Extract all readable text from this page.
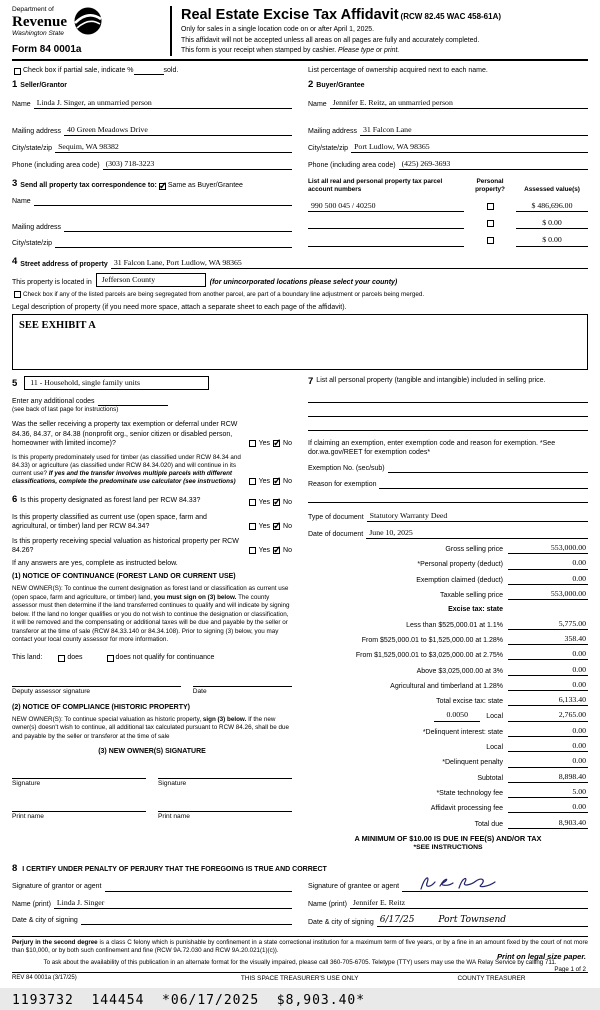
Department of
Revenue
Washington State
Form 84 0001a
Real Estate Excise Tax Affidavit (RCW 82.45 WAC 458-61A)
Only for sales in a single location code on or after April 1, 2025.
This affidavit will not be accepted unless all areas on all pages are fully and accurately completed.
This form is your receipt when stamped by cashier. Please type or print.
Check box if partial sale, indicate %	sold.	List percentage of ownership acquired next to each name.
1 Seller/Grantor
Name Linda J. Singer, an unmarried person
Mailing address 40 Green Meadows Drive
City/state/zip Sequim, WA 98382
Phone (including area code) (303) 718-3223
2 Buyer/Grantee
Name Jennifer E. Reitz, an unmarried person
Mailing address 31 Falcon Lane
City/state/zip Port Ludlow, WA 98365
Phone (including area code) (425) 269-3693
3 Send all property tax correspondence to: ✓ Same as Buyer/Grantee
Name
Mailing address
City/state/zip
List all real and personal property tax parcel account numbers
Personal property?	Assessed value(s)
990 500 045 / 40250	$ 486,696.00
$ 0.00
$ 0.00
4 Street address of property 31 Falcon Lane, Port Ludlow, WA 98365
This property is located in	Jefferson County	(for unincorporated locations please select your county)
Check box if any of the listed parcels are being segregated from another parcel, are part of a boundary line adjustment or parcels being merged.
Legal description of property (if you need more space, attach a separate sheet to each page of the affidavit).
SEE EXHIBIT A
5	11 - Household, single family units
Enter any additional codes
(see back of last page for instructions)
Was the seller receiving a property tax exemption or deferral under RCW 84.36, 84.37, or 84.38 (nonprofit org., senior citizen or disabled person, homeowner with limited income)?	Yes ✓ No
Is this property predominately used for timber (as classified under RCW 84.34 and 84.33) or agriculture (as classified under RCW 84.34.020) and will continue in its current use? If yes and the transfer involves multiple parcels with different classifications, complete the predominate use calculator (see instructions)	Yes ✓ No
6 Is this property designated as forest land per RCW 84.33?	Yes ✓ No
Is this property classified as current use (open space, farm and agricultural, or timber) land per RCW 84.34?	Yes ✓ No
Is this property receiving special valuation as historical property per RCW 84.26?	Yes ✓ No
If any answers are yes, complete as instructed below.
(1) NOTICE OF CONTINUANCE (FOREST LAND OR CURRENT USE)
NEW OWNER(S): To continue the current designation as forest land or classification as current use (open space, farm and agriculture, or timber) land, you must sign on (3) below. The county assessor must then determine if the land transferred continues to qualify and will indicate by signing below. If the land no longer qualifies or you do not wish to continue the designation or classification, it will be removed and the compensating or additional taxes will be due and payable by the seller or transferor at the time of sale (RCW 84.33.140 or 84.34.108). Prior to signing (3) below, you may contact your local county assessor for more information.
This land:	does	does not qualify for continuance
Deputy assessor signature	Date
(2) NOTICE OF COMPLIANCE (HISTORIC PROPERTY)
NEW OWNER(S): To continue special valuation as historic property, sign (3) below. If the new owner(s) doesn't wish to continue, all additional tax calculated pursuant to RCW 84.26, shall be due and payable by the seller or transferor at the time of sale
(3) NEW OWNER(S) SIGNATURE
Signature	Signature
Print name	Print name
7 List all personal property (tangible and intangible) included in selling price.
If claiming an exemption, enter exemption code and reason for exemption. *See dor.wa.gov/REET for exemption codes*
Exemption No. (sec/sub)
Reason for exemption
Type of document Statutory Warranty Deed
Date of document June 10, 2025
Gross selling price	553,000.00
*Personal property (deduct)	0.00
Exemption claimed (deduct)	0.00
Taxable selling price	553,000.00
Excise tax: state
Less than $525,000.01 at 1.1%	5,775.00
From $525,000.01 to $1,525,000.00 at 1.28%	358.40
From $1,525,000.01 to $3,025,000.00 at 2.75%	0.00
Above $3,025,000.00 at 3%	0.00
Agricultural and timberland at 1.28%	0.00
Total excise tax: state	6,133.40
0.0050	Local	2,765.00
*Delinquent interest: state	0.00
Local	0.00
*Delinquent penalty	0.00
Subtotal	8,898.40
*State technology fee	5.00
Affidavit processing fee	0.00
Total due	8,903.40
A MINIMUM OF $10.00 IS DUE IN FEE(S) AND/OR TAX
*SEE INSTRUCTIONS
8 I CERTIFY UNDER PENALTY OF PERJURY THAT THE FOREGOING IS TRUE AND CORRECT
Signature of grantor or agent
Name (print) Linda J. Singer
Date & city of signing
Signature of grantee or agent
Name (print) Jennifer E. Reitz
Date & city of signing 6/17/25	Port Townsend
Perjury in the second degree is a class C felony which is punishable by confinement in a state correctional institution for a maximum term of five years, or by a fine in an amount fixed by the court of not more than $10,000, or by both such confinement and fine (RCW 9A.72.030 and RCW 9A.20.021(1)(c)).
To ask about the availability of this publication in an alternate format for the visually impaired, please call 360-705-6705. Teletype (TTY) users may use the WA Relay Service by calling 711.
REV 84 0001a (3/17/25)	THIS SPACE TREASURER'S USE ONLY	COUNTY TREASURER
1193732  144454  *06/17/2025  $8,903.40*
Print on legal size paper.
Page 1 of 2
